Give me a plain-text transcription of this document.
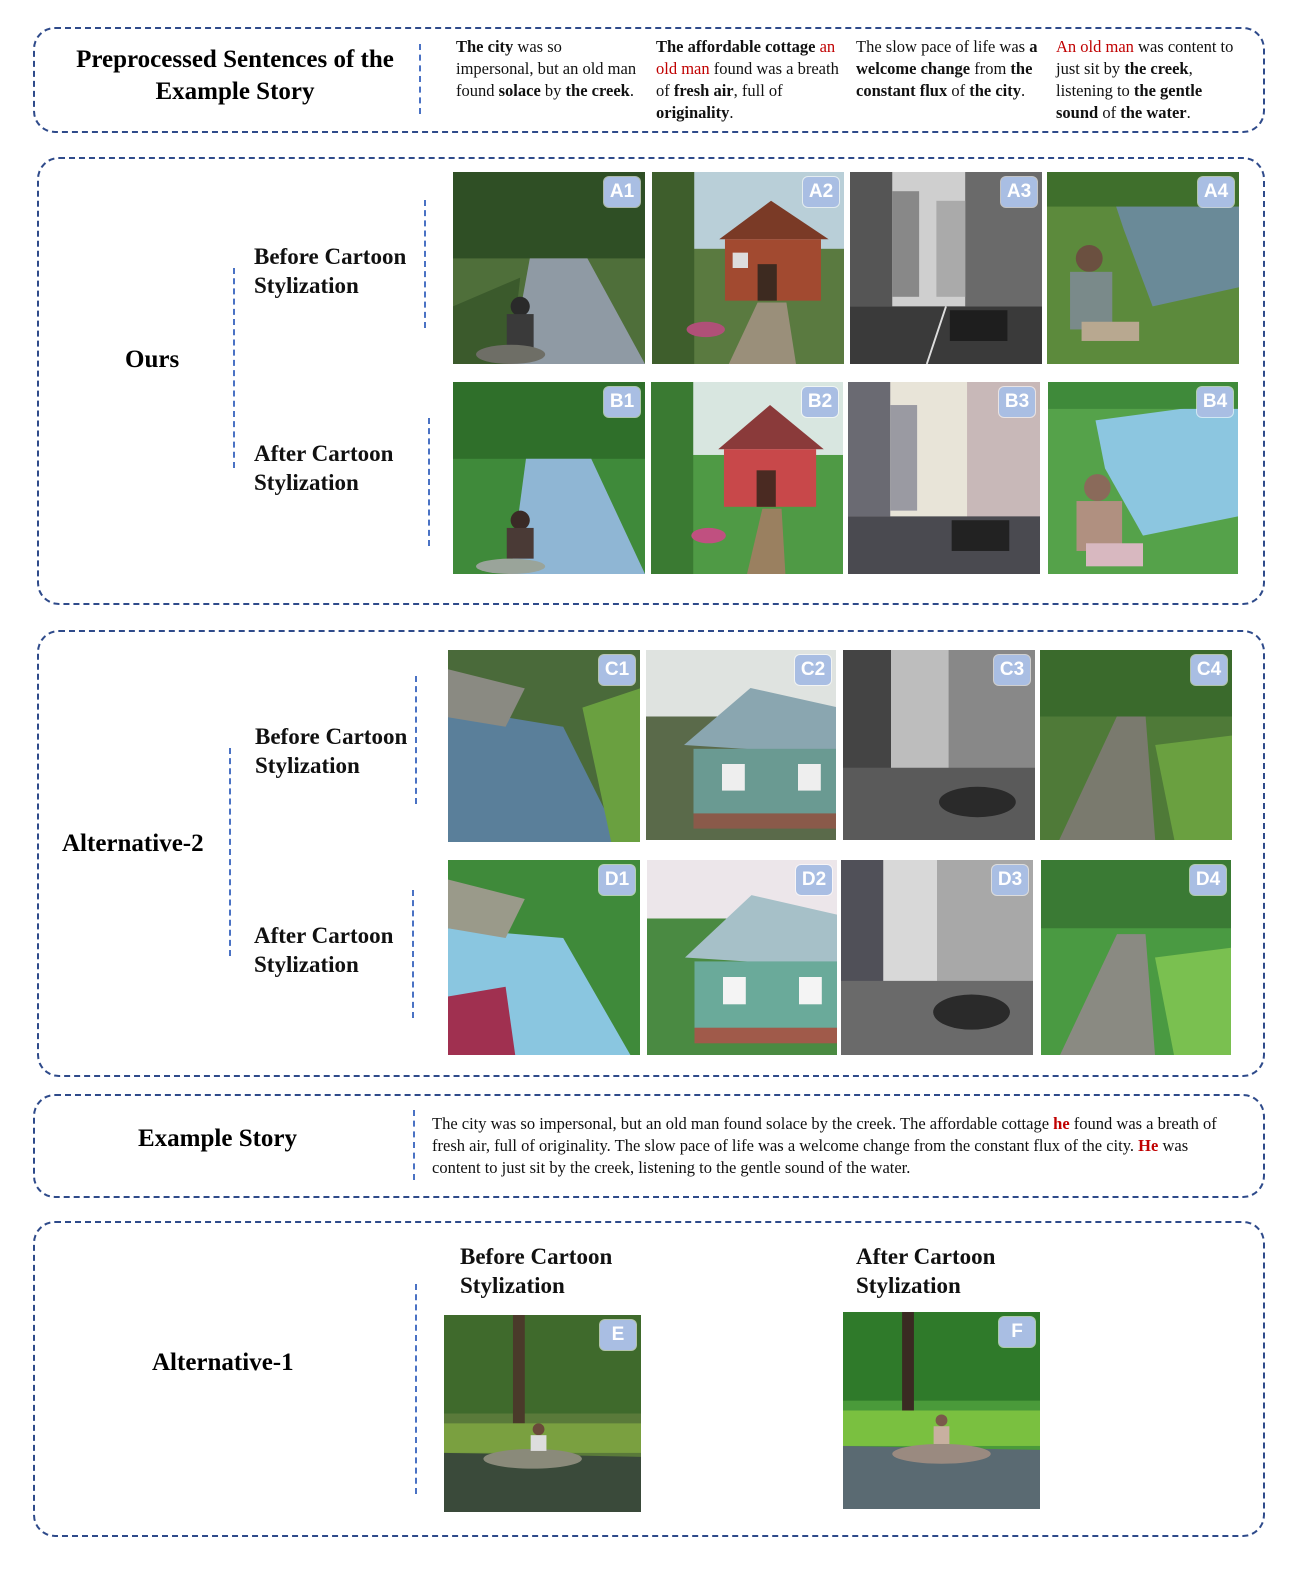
Preprocessed Sentences of the
Example Story
The city was so impersonal, but an old man found solace by the creek.
The affordable cottage an old man found was a breath of fresh air, full of originality.
The slow pace of life was a welcome change from the constant flux of the city.
An old man was content to just sit by the creek, listening to the gentle sound of the water.
Ours
Before Cartoon
Stylization
After Cartoon
Stylization
A1	A2	A3	A4
B1	B2	B3	B4
Alternative-2
Before Cartoon
Stylization
After Cartoon
Stylization
C1	C2	C3	C4
D1	D2	D3	D4
Example Story
The city was so impersonal, but an old man found solace by the creek. The affordable cottage he found was a breath of fresh air, full of originality. The slow pace of life was a welcome change from the constant flux of the city. He was content to just sit by the creek, listening to the gentle sound of the water.
Alternative-1
Before Cartoon
Stylization
After Cartoon
Stylization
E	F
